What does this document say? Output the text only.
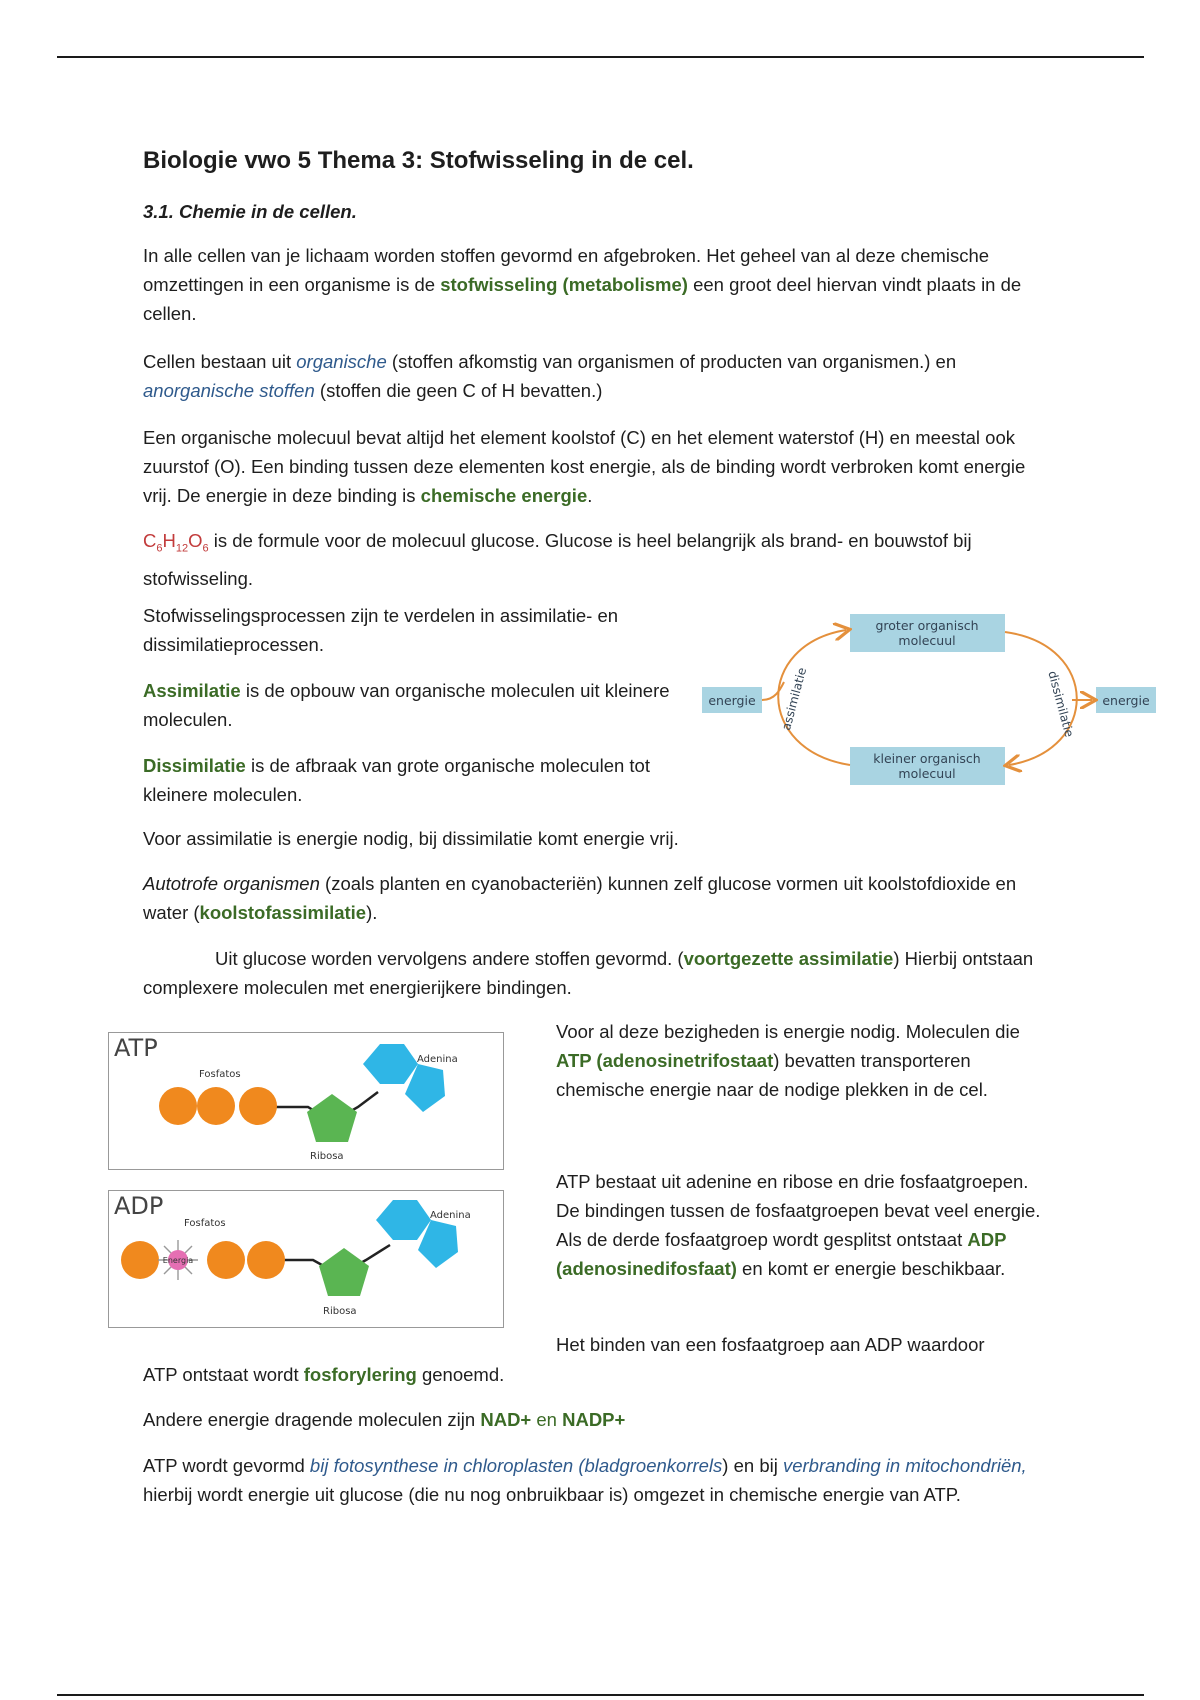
Biologie vwo 5 Thema 3: Stofwisseling in de cel.
3.1. Chemie in de cellen.

In alle cellen van je lichaam worden stoffen gevormd en afgebroken. Het geheel van al deze chemische omzettingen in een organisme is de stofwisseling (metabolisme) een groot deel hiervan vindt plaats in de cellen.

Cellen bestaan uit organische (stoffen afkomstig van organismen of producten van organismen.) en anorganische stoffen (stoffen die geen C of H bevatten.)

Een organische molecuul bevat altijd het element koolstof (C) en het element waterstof (H) en meestal ook zuurstof (O). Een binding tussen deze elementen kost energie, als de binding wordt verbroken komt energie vrij. De energie in deze binding is chemische energie.

$C_6H_{12}O_6$ is de formule voor de molecuul glucose. Glucose is heel belangrijk als brand- en bouwstof bij stofwisseling.

Stofwisselingsprocessen zijn te verdelen in assimilatie- en dissimilatieprocessen.

Assimilatie is de opbouw van organische moleculen uit kleinere moleculen.

Dissimilatie is de afbraak van grote organische moleculen tot kleinere moleculen.

groter organisch
molecuul
kleiner organisch
molecuul
energie	energie
assimilatie	dissimilatie

Voor assimilatie is energie nodig, bij dissimilatie komt energie vrij.

Autotrofe organismen (zoals planten en cyanobacteriën) kunnen zelf glucose vormen uit koolstofdioxide en water (koolstofassimilatie).

Uit glucose worden vervolgens andere stoffen gevormd. (voortgezette assimilatie) Hierbij ontstaan complexere moleculen met energierijkere bindingen.

ATP
Fosfatos
Adenina
Ribosa
ADP
Fosfatos
Adenina
Ribosa
Energia

Voor al deze bezigheden is energie nodig. Moleculen die ATP (adenosinetrifostaat) bevatten transporteren chemische energie naar de nodige plekken in de cel.

ATP bestaat uit adenine en ribose en drie fosfaatgroepen. De bindingen tussen de fosfaatgroepen bevat veel energie. Als de derde fosfaatgroep wordt gesplitst ontstaat ADP (adenosinedifosfaat) en komt er energie beschikbaar.

Het binden van een fosfaatgroep aan ADP waardoor

ATP ontstaat wordt fosforylering genoemd.

Andere energie dragende moleculen zijn NAD+ en NADP+

ATP wordt gevormd bij fotosynthese in chloroplasten (bladgroenkorrels) en bij verbranding in mitochondriën, hierbij wordt energie uit glucose (die nu nog onbruikbaar is) omgezet in chemische energie van ATP.
